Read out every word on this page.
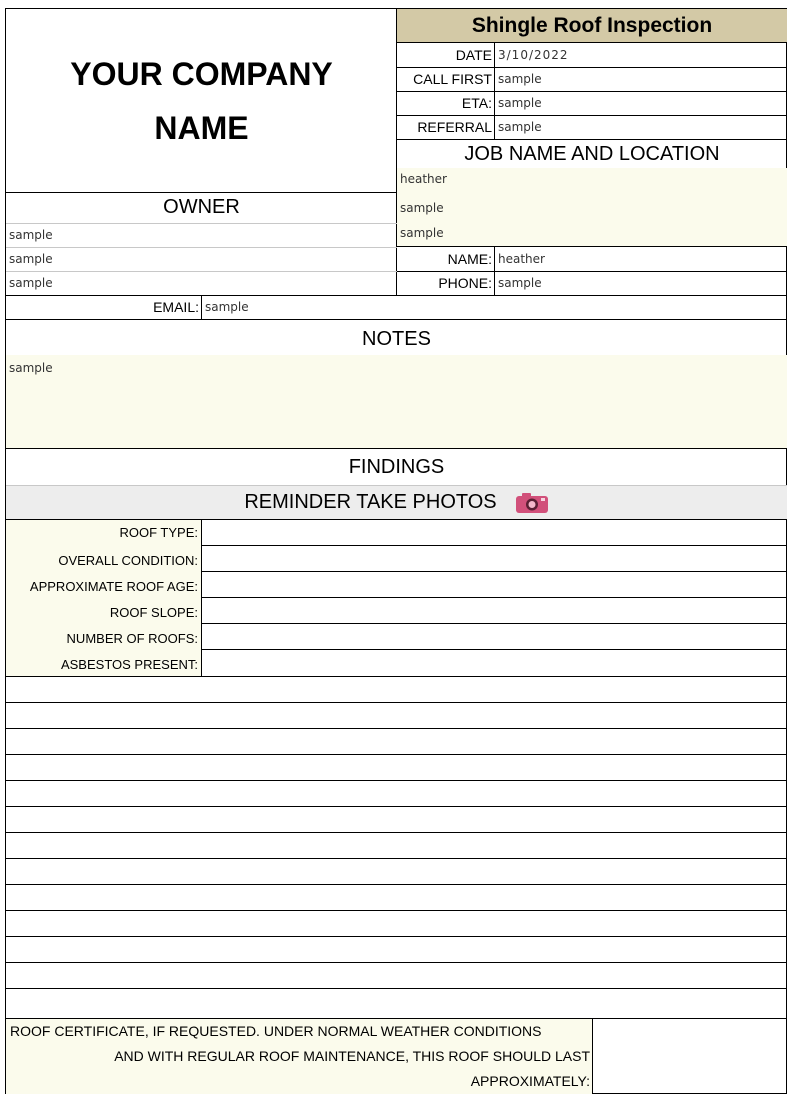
YOUR COMPANY
NAME
Shingle Roof Inspection
DATE 3/10/2022
CALL FIRST sample
ETA: sample
REFERRAL sample
JOB NAME AND LOCATION
heather
sample
sample
NAME: heather
PHONE: sample
OWNER
sample
sample
sample
EMAIL: sample
NOTES
sample
FINDINGS
REMINDER TAKE PHOTOS
ROOF TYPE:
OVERALL CONDITION:
APPROXIMATE ROOF AGE:
ROOF SLOPE:
NUMBER OF ROOFS:
ASBESTOS PRESENT:
ROOF CERTIFICATE, IF REQUESTED. UNDER NORMAL WEATHER CONDITIONS
AND WITH REGULAR ROOF MAINTENANCE, THIS ROOF SHOULD LAST
APPROXIMATELY:
